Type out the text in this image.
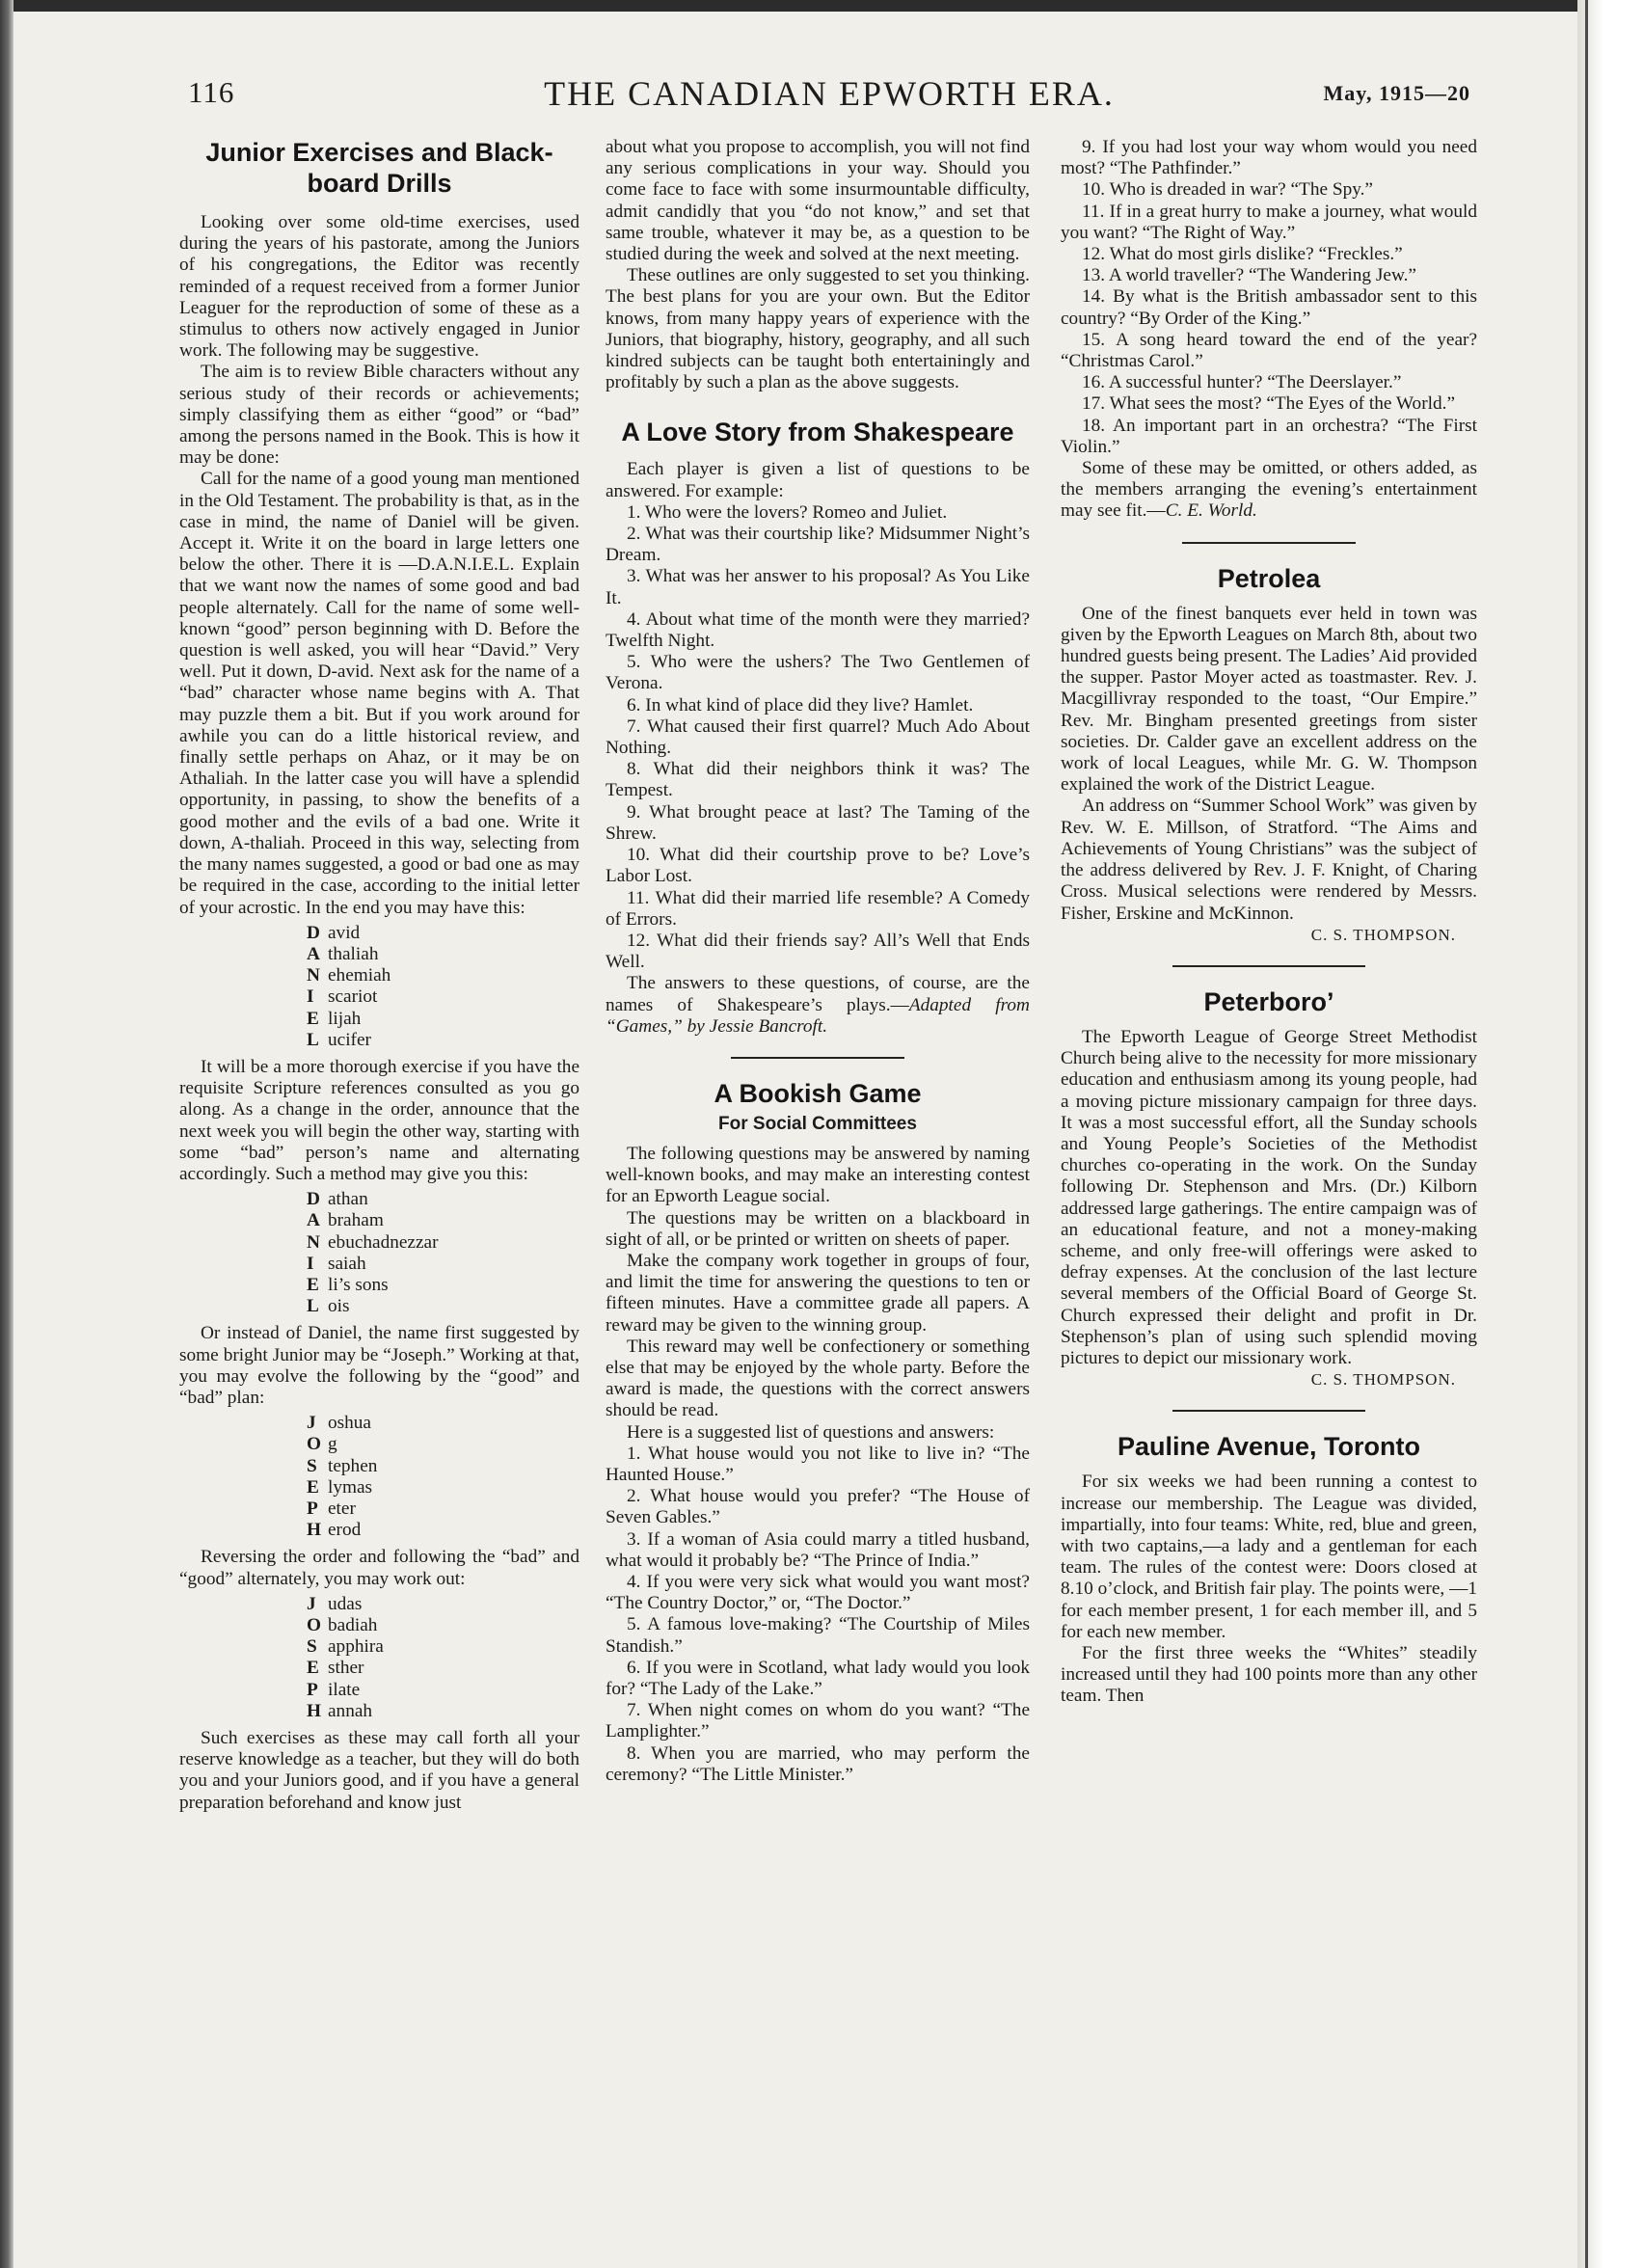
116	THE CANADIAN EPWORTH ERA.	May, 1915—20
Junior Exercises and Black-
board Drills

Looking over some old-time exercises, used during the years of his pastorate, among the Juniors of his congregations, the Editor was recently reminded of a request received from a former Junior Leaguer for the reproduction of some of these as a stimulus to others now actively engaged in Junior work. The following may be suggestive.

The aim is to review Bible characters without any serious study of their records or achievements; simply classifying them as either “good” or “bad” among the persons named in the Book. This is how it may be done:

Call for the name of a good young man mentioned in the Old Testament. The probability is that, as in the case in mind, the name of Daniel will be given. Accept it. Write it on the board in large letters one below the other. There it is —D.A.N.I.E.L. Explain that we want now the names of some good and bad people alternately. Call for the name of some well-known “good” person beginning with D. Before the question is well asked, you will hear “David.” Very well. Put it down, D-avid. Next ask for the name of a “bad” character whose name begins with A. That may puzzle them a bit. But if you work around for awhile you can do a little historical review, and finally settle perhaps on Ahaz, or it may be on Athaliah. In the latter case you will have a splendid opportunity, in passing, to show the benefits of a good mother and the evils of a bad one. Write it down, A-thaliah. Proceed in this way, selecting from the many names suggested, a good or bad one as may be required in the case, according to the initial letter of your acrostic. In the end you may have this:

D avid
A thaliah
N ehemiah
I scariot
E lijah
L ucifer

It will be a more thorough exercise if you have the requisite Scripture references consulted as you go along. As a change in the order, announce that the next week you will begin the other way, starting with some “bad” person’s name and alternating accordingly. Such a method may give you this:

D athan
A braham
N ebuchadnezzar
I saiah
E li’s sons
L ois

Or instead of Daniel, the name first suggested by some bright Junior may be “Joseph.” Working at that, you may evolve the following by the “good” and “bad” plan:

J oshua
O g
S tephen
E lymas
P eter
H erod

Reversing the order and following the “bad” and “good” alternately, you may work out:

J udas
O badiah
S apphira
E sther
P ilate
H annah

Such exercises as these may call forth all your reserve knowledge as a teacher, but they will do both you and your Juniors good, and if you have a general preparation beforehand and know just

about what you propose to accomplish, you will not find any serious complications in your way. Should you come face to face with some insurmountable difficulty, admit candidly that you “do not know,” and set that same trouble, whatever it may be, as a question to be studied during the week and solved at the next meeting.

These outlines are only suggested to set you thinking. The best plans for you are your own. But the Editor knows, from many happy years of experience with the Juniors, that biography, history, geography, and all such kindred subjects can be taught both entertainingly and profitably by such a plan as the above suggests.

A Love Story from Shakespeare

Each player is given a list of questions to be answered. For example:

1. Who were the lovers? Romeo and Juliet.

2. What was their courtship like? Midsummer Night’s Dream.

3. What was her answer to his proposal? As You Like It.

4. About what time of the month were they married? Twelfth Night.

5. Who were the ushers? The Two Gentlemen of Verona.

6. In what kind of place did they live? Hamlet.

7. What caused their first quarrel? Much Ado About Nothing.

8. What did their neighbors think it was? The Tempest.

9. What brought peace at last? The Taming of the Shrew.

10. What did their courtship prove to be? Love’s Labor Lost.

11. What did their married life resemble? A Comedy of Errors.

12. What did their friends say? All’s Well that Ends Well.

The answers to these questions, of course, are the names of Shakespeare’s plays.—Adapted from “Games,” by Jessie Bancroft.

A Bookish Game
For Social Committees

The following questions may be answered by naming well-known books, and may make an interesting contest for an Epworth League social.

The questions may be written on a blackboard in sight of all, or be printed or written on sheets of paper.

Make the company work together in groups of four, and limit the time for answering the questions to ten or fifteen minutes. Have a committee grade all papers. A reward may be given to the winning group.

This reward may well be confectionery or something else that may be enjoyed by the whole party. Before the award is made, the questions with the correct answers should be read.

Here is a suggested list of questions and answers:

1. What house would you not like to live in? “The Haunted House.”

2. What house would you prefer? “The House of Seven Gables.”

3. If a woman of Asia could marry a titled husband, what would it probably be? “The Prince of India.”

4. If you were very sick what would you want most? “The Country Doctor,” or, “The Doctor.”

5. A famous love-making? “The Courtship of Miles Standish.”

6. If you were in Scotland, what lady would you look for? “The Lady of the Lake.”

7. When night comes on whom do you want? “The Lamplighter.”

8. When you are married, who may perform the ceremony? “The Little Minister.”

9. If you had lost your way whom would you need most? “The Pathfinder.”

10. Who is dreaded in war? “The Spy.”

11. If in a great hurry to make a journey, what would you want? “The Right of Way.”

12. What do most girls dislike? “Freckles.”

13. A world traveller? “The Wandering Jew.”

14. By what is the British ambassador sent to this country? “By Order of the King.”

15. A song heard toward the end of the year? “Christmas Carol.”

16. A successful hunter? “The Deerslayer.”

17. What sees the most? “The Eyes of the World.”

18. An important part in an orchestra? “The First Violin.”

Some of these may be omitted, or others added, as the members arranging the evening’s entertainment may see fit.—C. E. World.

Petrolea

One of the finest banquets ever held in town was given by the Epworth Leagues on March 8th, about two hundred guests being present. The Ladies’ Aid provided the supper. Pastor Moyer acted as toastmaster. Rev. J. Macgillivray responded to the toast, “Our Empire.” Rev. Mr. Bingham presented greetings from sister societies. Dr. Calder gave an excellent address on the work of local Leagues, while Mr. G. W. Thompson explained the work of the District League.

An address on “Summer School Work” was given by Rev. W. E. Millson, of Stratford. “The Aims and Achievements of Young Christians” was the subject of the address delivered by Rev. J. F. Knight, of Charing Cross. Musical selections were rendered by Messrs. Fisher, Erskine and McKinnon.

C. S. THOMPSON.
Peterboro’

The Epworth League of George Street Methodist Church being alive to the necessity for more missionary education and enthusiasm among its young people, had a moving picture missionary campaign for three days. It was a most successful effort, all the Sunday schools and Young People’s Societies of the Methodist churches co-operating in the work. On the Sunday following Dr. Stephenson and Mrs. (Dr.) Kilborn addressed large gatherings. The entire campaign was of an educational feature, and not a money-making scheme, and only free-will offerings were asked to defray expenses. At the conclusion of the last lecture several members of the Official Board of George St. Church expressed their delight and profit in Dr. Stephenson’s plan of using such splendid moving pictures to depict our missionary work.

C. S. THOMPSON.
Pauline Avenue, Toronto

For six weeks we had been running a contest to increase our membership. The League was divided, impartially, into four teams: White, red, blue and green, with two captains,—a lady and a gentleman for each team. The rules of the contest were: Doors closed at 8.10 o’clock, and British fair play. The points were, —1 for each member present, 1 for each member ill, and 5 for each new member.

For the first three weeks the “Whites” steadily increased until they had 100 points more than any other team. Then
